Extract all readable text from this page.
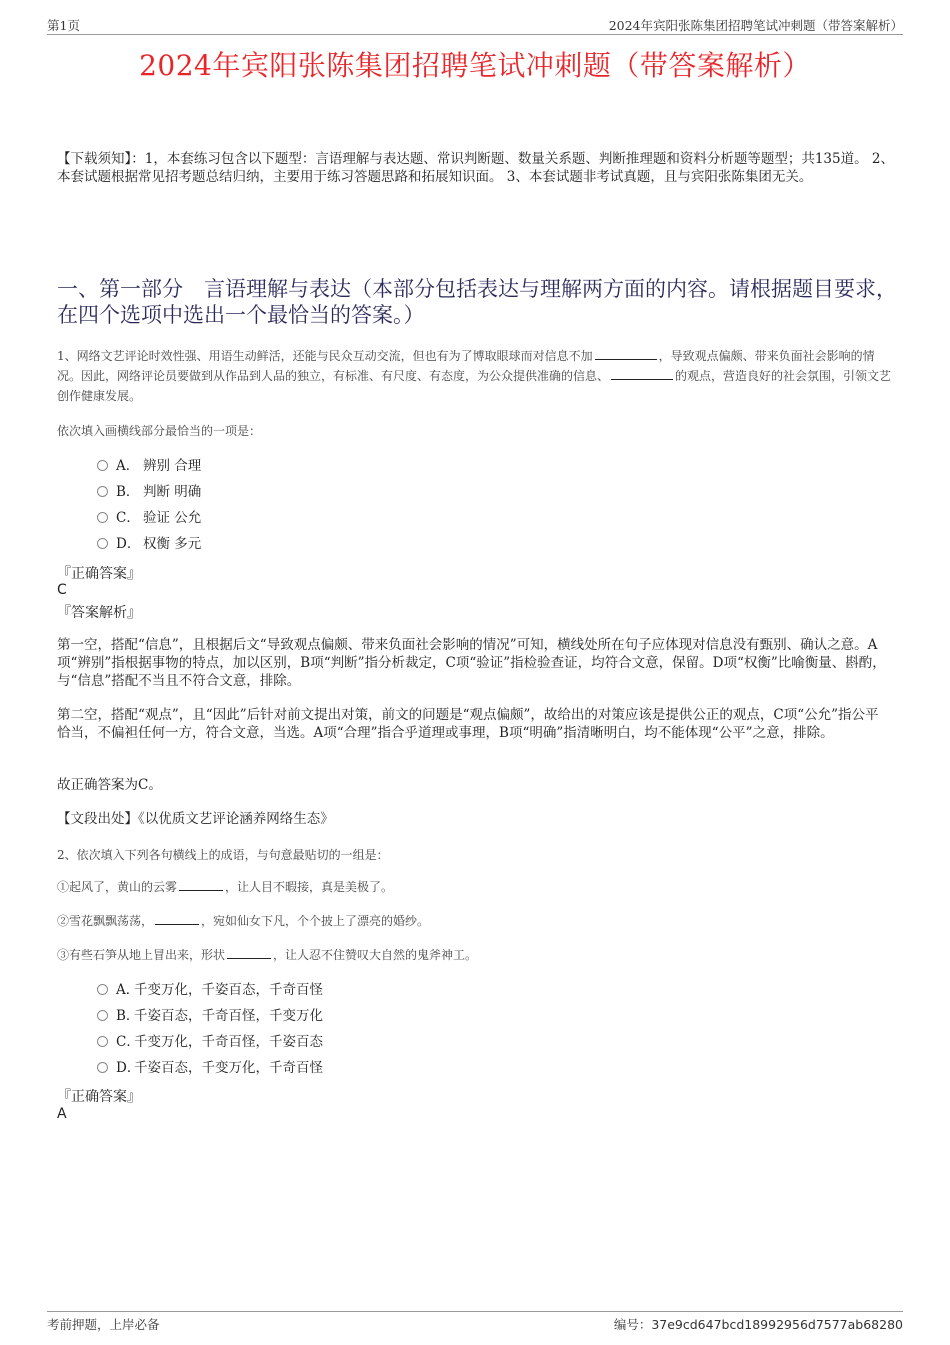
第1页	2024年宾阳张陈集团招聘笔试冲刺题（带答案解析）
2024年宾阳张陈集团招聘笔试冲刺题（带答案解析）
【下载须知】：1，本套练习包含以下题型：言语理解与表达题、常识判断题、数量关系题、判断推理题和资料分析题等题型；共135道。 2、本套试题根据常见招考题总结归纳，主要用于练习答题思路和拓展知识面。 3、本套试题非考试真题，且与宾阳张陈集团无关。
一、第一部分　言语理解与表达（本部分包括表达与理解两方面的内容。请根据题目要求，在四个选项中选出一个最恰当的答案。）
1、网络文艺评论时效性强、用语生动鲜活，还能与民众互动交流，但也有为了博取眼球而对信息不加	，导致观点偏颇、带来负面社会影响的情况。因此，网络评论员要做到从作品到人品的独立，有标准、有尺度、有态度，为公众提供准确的信息、	的观点，营造良好的社会氛围，引领文艺创作健康发展。
依次填入画横线部分最恰当的一项是：
A． 辨别 合理
B． 判断 明确
C． 验证 公允
D． 权衡 多元
『正确答案』
C
『答案解析』
第一空，搭配“信息”，且根据后文“导致观点偏颇、带来负面社会影响的情况”可知，横线处所在句子应体现对信息没有甄别、确认之意。A项“辨别”指根据事物的特点，加以区别，B项“判断”指分析裁定，C项“验证”指检验查证，均符合文意，保留。D项“权衡”比喻衡量、斟酌，与“信息”搭配不当且不符合文意，排除。
第二空，搭配“观点”，且“因此”后针对前文提出对策，前文的问题是“观点偏颇”，故给出的对策应该是提供公正的观点，C项“公允”指公平恰当，不偏袒任何一方，符合文意，当选。A项“合理”指合乎道理或事理，B项“明确”指清晰明白，均不能体现“公平”之意，排除。
故正确答案为C。
【文段出处】《以优质文艺评论涵养网络生态》
2、依次填入下列各句横线上的成语，与句意最贴切的一组是：
①起风了，黄山的云雾	，让人目不暇接，真是美极了。
②雪花飘飘荡荡，	，宛如仙女下凡，个个披上了漂亮的婚纱。
③有些石笋从地上冒出来，形状	，让人忍不住赞叹大自然的鬼斧神工。
A．千变万化，千姿百态，千奇百怪
B．千姿百态，千奇百怪，千变万化
C．千变万化，千奇百怪，千姿百态
D．千姿百态，千变万化，千奇百怪
『正确答案』
A
考前押题，上岸必备	编号：37e9cd647bcd18992956d7577ab68280
